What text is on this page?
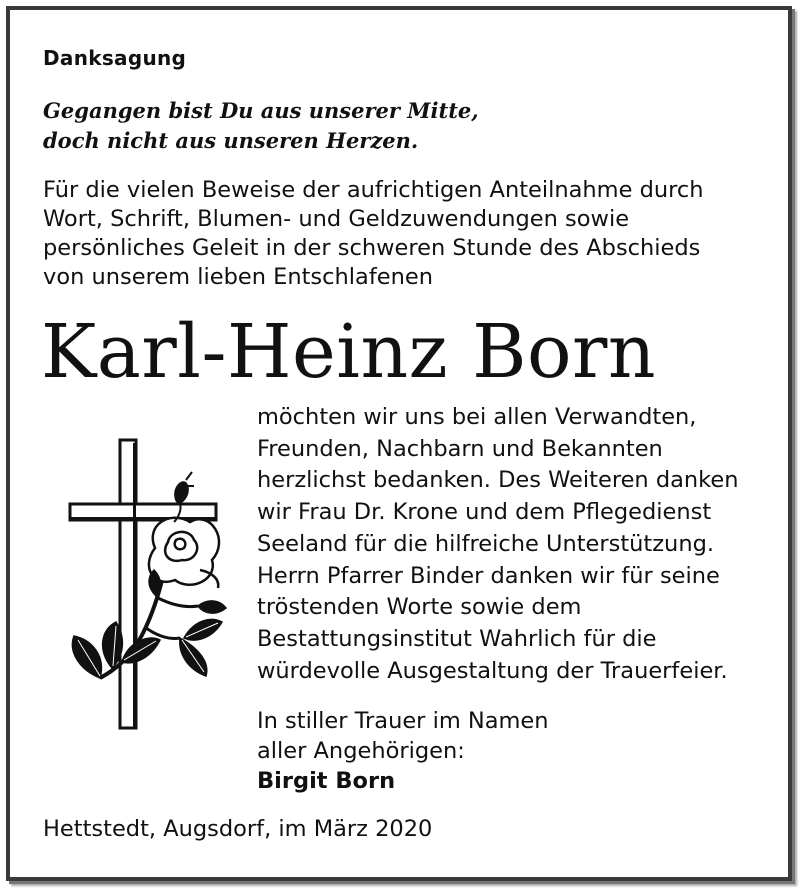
Danksagung
Gegangen bist Du aus unserer Mitte,
doch nicht aus unseren Herzen.
Für die vielen Beweise der aufrichtigen Anteilnahme durch
Wort, Schrift, Blumen- und Geldzuwendungen sowie
persönliches Geleit in der schweren Stunde des Abschieds
von unserem lieben Entschlafenen
Karl-Heinz Born
möchten wir uns bei allen Verwandten,
Freunden, Nachbarn und Bekannten
herzlichst bedanken. Des Weiteren danken
wir Frau Dr. Krone und dem Pflegedienst
Seeland für die hilfreiche Unterstützung.
Herrn Pfarrer Binder danken wir für seine
tröstenden Worte sowie dem
Bestattungsinstitut Wahrlich für die
würdevolle Ausgestaltung der Trauerfeier.
In stiller Trauer im Namen
aller Angehörigen:
Birgit Born
Hettstedt, Augsdorf, im März 2020
